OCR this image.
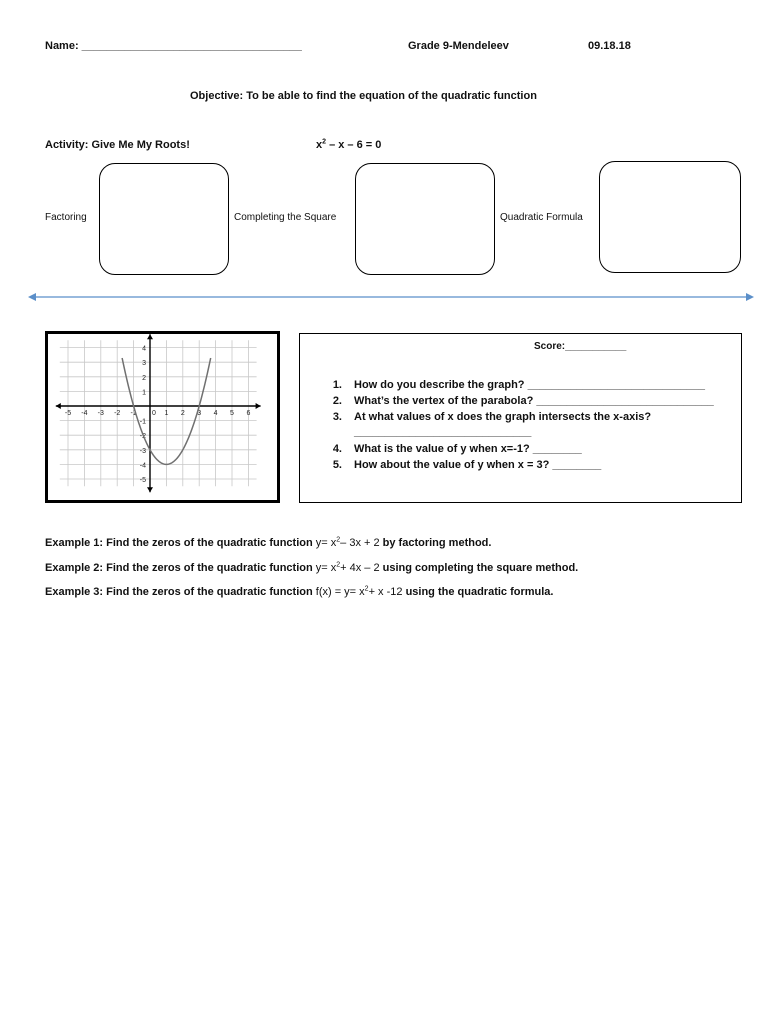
Name: ____________________________________	Grade 9-Mendeleev	09.18.18
Objective: To be able to find the equation of the quadratic function
Activity: Give Me My Roots!	$x^2 - x - 6 = 0$
Factoring	Completing the Square	Quadratic Formula
-5 -4 -3 -2 -1 0 1 2 3 4 5 6
4
3
2
1
-1
-2
-3
-4
-5
Score:___________
1. How do you describe the graph? _____________________________
2. What’s the vertex of the parabola? _____________________________
3. At what values of x does the graph intersects the x-axis?
_____________________________
4. What is the value of y when x=-1? ________
5. How about the value of y when x = 3? ________
Example 1: Find the zeros of the quadratic function $y= x^2-$ 3x + 2 by factoring method.
Example 2: Find the zeros of the quadratic function $y= x^2+ 4x - 2$ using completing the square method.
Example 3: Find the zeros of the quadratic function $f(x) = y= x^2+ x$ -12 using the quadratic formula.
